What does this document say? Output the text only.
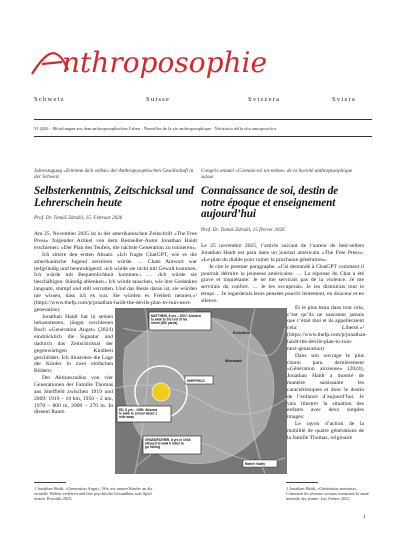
nthroposophie
Schweiz	Suisse	Svizzera	Svizra
VI 2026 · Mitteilungen aus dem anthroposophischen Leben · Nouvelles de la vie anthroposophique · Notiziario della vita antroposofica
Jahrestagung «Erkenne dich selbst» der Anthroposophischen Gesellschaft in der Schweiz
Selbsterkenntnis, Zeitschicksal und Lehrerschein heute
Prof. Dr. Tomáš Zdražil, 15. Februar 2026

Am 25. November 2025 ist in der amerikanischen Zeitschrift «The Free Press» folgender Artikel von dem Bestseller-Autor Jonathan Haidt erschienen: «Der Plan des Teufels, die nächste Generation zu ruinieren».

Ich zitiere den ersten Absatz: «Ich fragte ChatGPT, wie es die amerikanische Jugend zerstören würde. … Chats Antwort war tiefgründig und beunruhigend: ‹ich würde sie nicht mit Gewalt kommen. Ich würde mit Bequemlichkeit kommen.› … ‹Ich würde sie beschäftigen. Ständig ablenken.› Ich würde tauschen, wie ihre Gedanken langsam, stumpf und still verrotten. Und das Beste daran ist, sie würden nie wissen, dass ich es war. Sie würden es Freiheit nennen.»¹ (https://www.thefp.com/p/jonathan-haidt-the-devils-plan-to-ruin-next-generation)

Jonathan Haidt hat in seinen bekanntesten, jüngst erschienen Buch «Generation Angst» (2024) eindrücklich die Signatur und dadurch das Zeitschicksal der gegenwärtigen Kindheit geschildert. Ich illustriere die Lage der Kinder in zwei einfachen Bildern:

Der Aktionsradius von vier Generationen der Familie Thomas aus Sheffield zwischen 1919 und 2009: 1919 – 10 km, 1950 – 2 km, 1970 – 800 m, 2009 – 270 m. In diesem Raum

Congrès annuel «Connais-toi toi-même» de la Société anthroposophique suisse
Connaissance de soi, destin de notre époque et enseignement aujourd’hui
Prof. Dr. Tomáš Zdražil, 15 février 2026

Le 25 novembre 2025, l’article suivant de l’auteur de best-sellers Jonathan Haidt est paru dans un journal américain «The Free Press»: «Le plan du diable pour ruiner la prochaine génération».

Je cite le premier paragraphe. «J’ai demandé à ChatGPT comment il pourrait détruire la jeunesse américaine. … La réponse du Chat a été grave et inquiétante: Je ne me servirais pas de la violence. Je me servirais du confort. … Je les occuperais. Je les distrairais tout le temps… Je regarderais leurs pensées pourrir lentement, en douceur et en silence.

Et le plus beau dans tout cela, c’est qu’ils ne sauraient jamais que c’était moi et ils appelleraient cela: Liberté.»¹ (https://www.thefp.com/p/jonathan-haidt-the-devils-plan-to-ruin-next-generation)

Dans son ouvrage le plus connu paru dernièrement «Génération anxieuse» (2024), Jonathan Haidt a montré de manière saisissante les caractéristiques et donc le destin de l’enfance d’aujourd’hui. Je vais illustrer la situation des enfants avec deux simples images:

Le rayon d’action de la mobilité de quatre générations de la famille Thomas, originaire

MATTHEW, 8 yrs – 2007: Allowed to walk to the end of his street (300 yards)
SHEFFIELD
ED, 8 yrs – 1950: Allowed to walk to school about 1 mile away
GRANDFATHER, 8 yrs in 1919: allowed to walk 6 miles to go fishing
Ecclesfield
Wincobank
Rather Valley
1 Jonathan Haidt, «Generation Angst». Wie wir unsere Kinder an die virtuelle Welten verlieren und ihre psychische Gesundheit aufs Spiel setzen. Rowohlt 2025.
1 Jonathan Haidt, «Génération anxieuse». Comment les réseaux sociaux menacent la santé mentale des jeunes. Les Arènes 2025.
1
